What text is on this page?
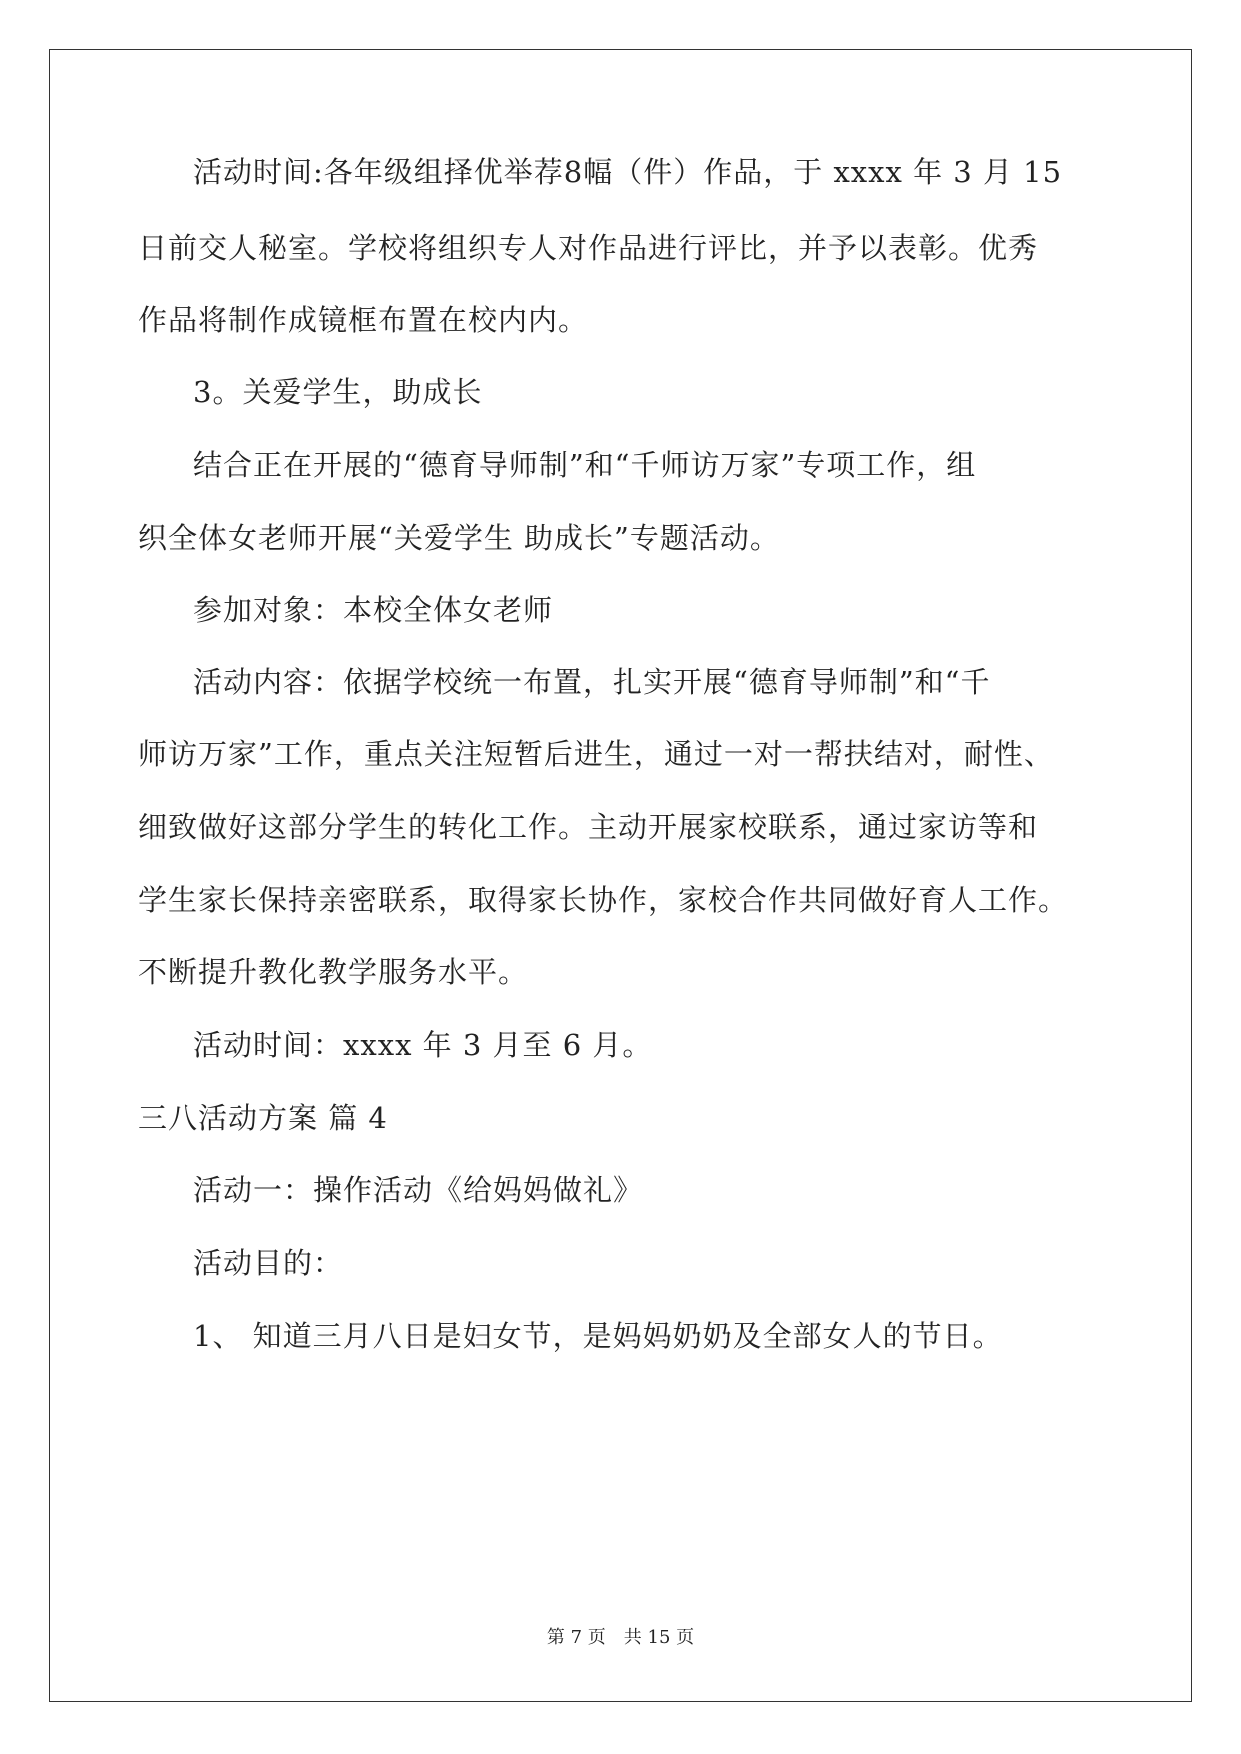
活动时间:各年级组择优举荐8幅（件）作品，于 xxxx 年 3 月 15
日前交人秘室。学校将组织专人对作品进行评比，并予以表彰。优秀
作品将制作成镜框布置在校内内。
3。关爱学生，助成长
结合正在开展的“德育导师制”和“千师访万家”专项工作，组
织全体女老师开展“关爱学生 助成长”专题活动。
参加对象：本校全体女老师
活动内容：依据学校统一布置，扎实开展“德育导师制”和“千
师访万家”工作，重点关注短暂后进生，通过一对一帮扶结对，耐性、
细致做好这部分学生的转化工作。主动开展家校联系，通过家访等和
学生家长保持亲密联系，取得家长协作，家校合作共同做好育人工作。
不断提升教化教学服务水平。
活动时间：xxxx 年 3 月至 6 月。
三八活动方案 篇 4
活动一：操作活动《给妈妈做礼》
活动目的：
1、 知道三月八日是妇女节，是妈妈奶奶及全部女人的节日。
第 7 页　共 15 页
